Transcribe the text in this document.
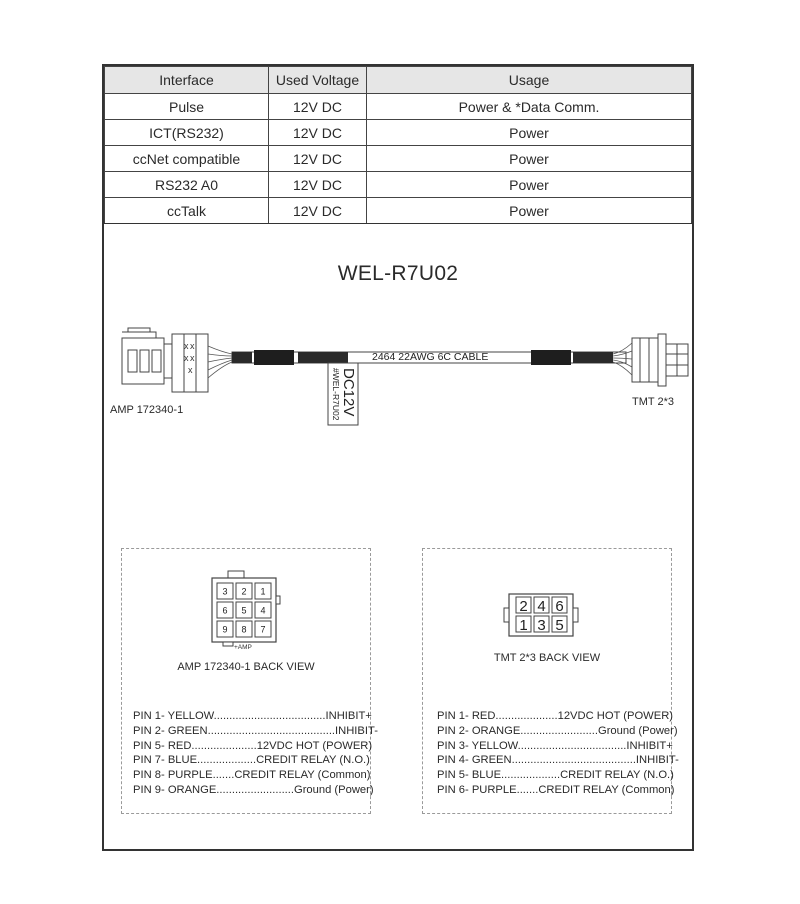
Interface	Used Voltage	Usage
Pulse	12V DC	Power & *Data Comm.
ICT(RS232)	12V DC	Power
ccNet compatible	12V DC	Power
RS232 A0	12V DC	Power
ccTalk	12V DC	Power
WEL-R7U02
x x
x x
x
2464 22AWG 6C CABLE
DC12V
#WEL-R7U02
AMP 172340-1
TMT 2*3
3 2 1
6 5 4
9 8 7
+AMP
AMP 172340-1 BACK VIEW
PIN 1- YELLOW....................................INHIBIT+
PIN 2- GREEN.........................................INHIBIT-
PIN 5- RED.....................12VDC HOT (POWER)
PIN 7- BLUE...................CREDIT RELAY (N.O.)
PIN 8- PURPLE.......CREDIT RELAY (Common)
PIN 9- ORANGE.........................Ground (Power)
2 4 6
1 3 5
TMT 2*3 BACK VIEW
PIN 1- RED....................12VDC HOT (POWER)
PIN 2- ORANGE.........................Ground (Power)
PIN 3- YELLOW...................................INHIBIT+
PIN 4- GREEN........................................INHIBIT-
PIN 5- BLUE...................CREDIT RELAY (N.O.)
PIN 6- PURPLE.......CREDIT RELAY (Common)
